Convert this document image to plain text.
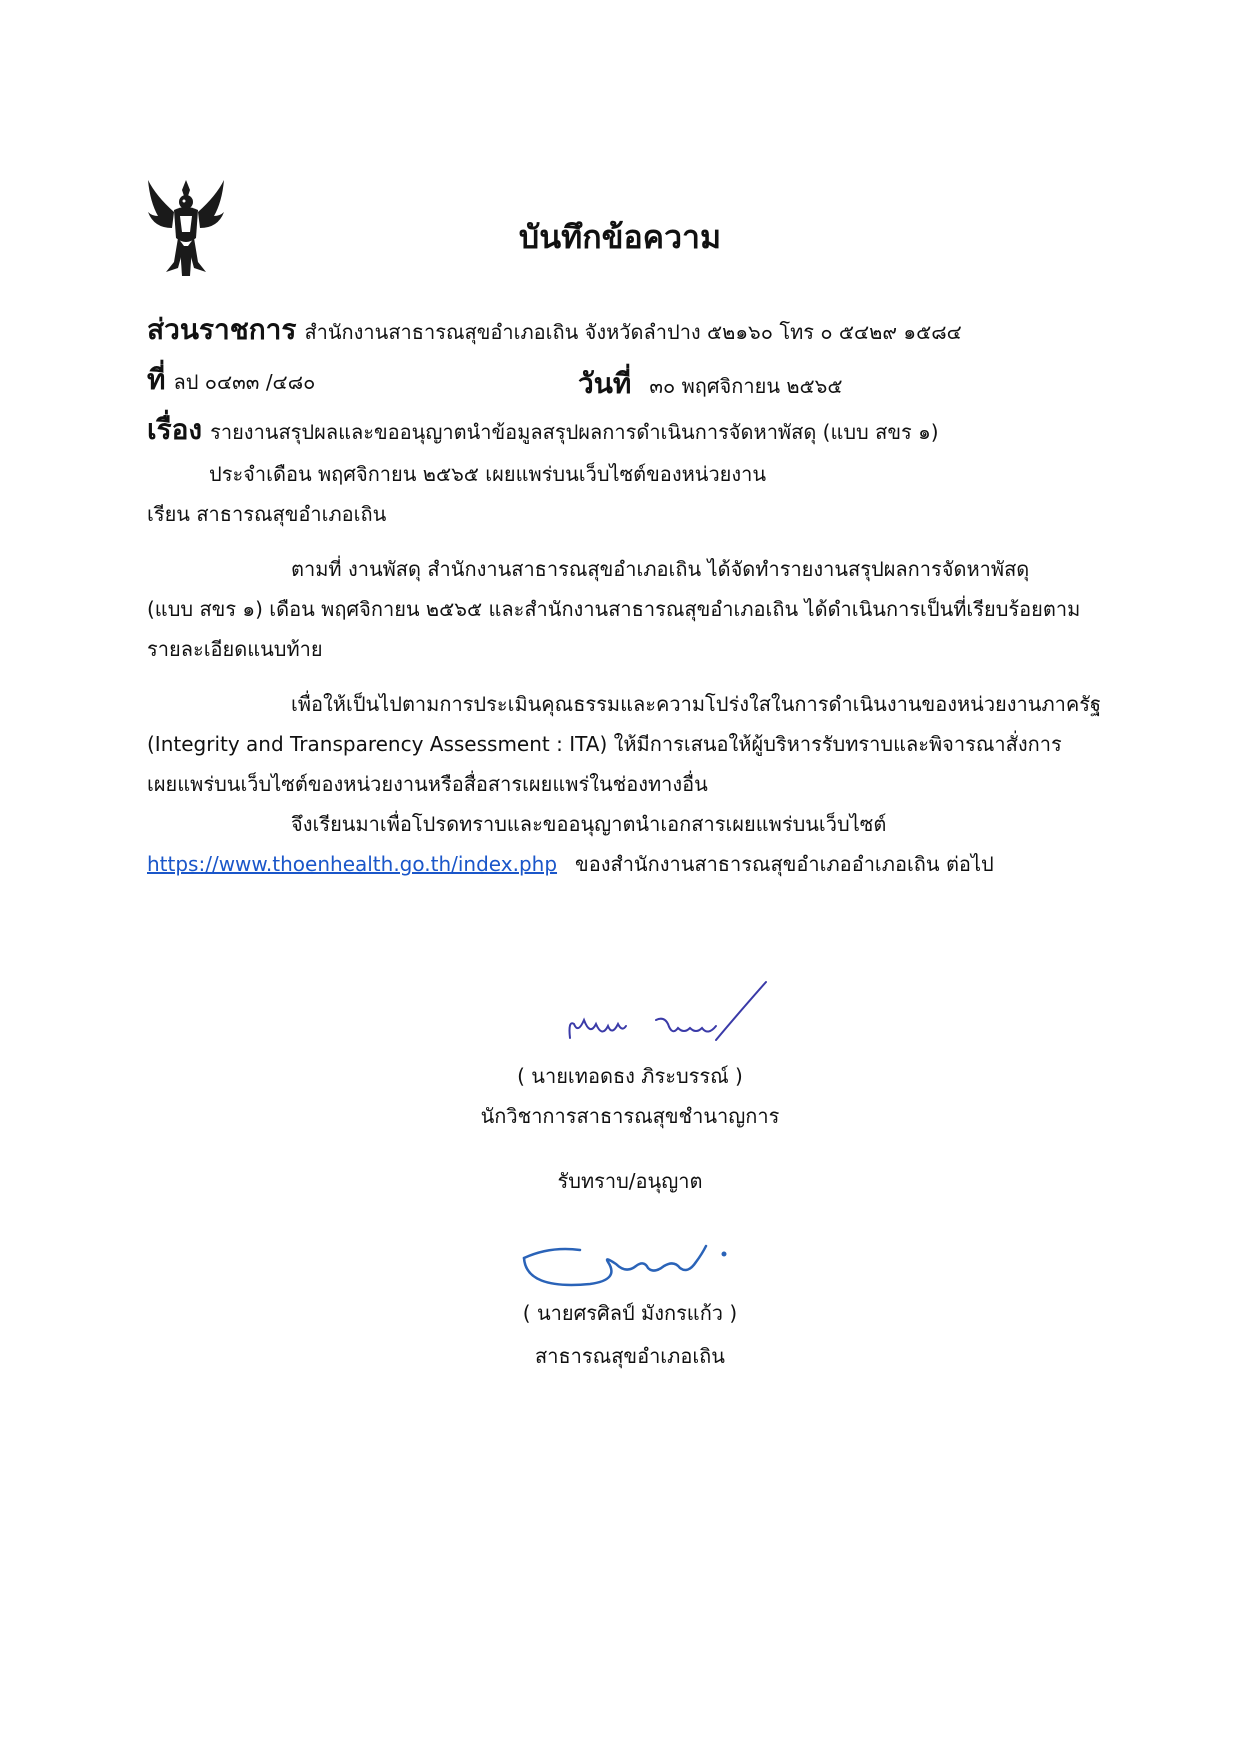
บันทึกข้อความ
ส่วนราชการ สำนักงานสาธารณสุขอำเภอเถิน จังหวัดลำปาง ๕๒๑๖๐ โทร ๐ ๕๔๒๙ ๑๕๘๔
ที่ ลป ๐๔๓๓ /๔๘๐	วันที่ ๓๐ พฤศจิกายน ๒๕๖๕
เรื่อง รายงานสรุปผลและขออนุญาตนำข้อมูลสรุปผลการดำเนินการจัดหาพัสดุ (แบบ สขร ๑)
ประจำเดือน พฤศจิกายน ๒๕๖๕ เผยแพร่บนเว็บไซต์ของหน่วยงาน
เรียน สาธารณสุขอำเภอเถิน
ตามที่ งานพัสดุ สำนักงานสาธารณสุขอำเภอเถิน ได้จัดทำรายงานสรุปผลการจัดหาพัสดุ
(แบบ สขร ๑) เดือน พฤศจิกายน ๒๕๖๕ และสำนักงานสาธารณสุขอำเภอเถิน ได้ดำเนินการเป็นที่เรียบร้อยตาม
รายละเอียดแนบท้าย
เพื่อให้เป็นไปตามการประเมินคุณธรรมและความโปร่งใสในการดำเนินงานของหน่วยงานภาครัฐ
(Integrity and Transparency Assessment : ITA) ให้มีการเสนอให้ผู้บริหารรับทราบและพิจารณาสั่งการ
เผยแพร่บนเว็บไซต์ของหน่วยงานหรือสื่อสารเผยแพร่ในช่องทางอื่น
จึงเรียนมาเพื่อโปรดทราบและขออนุญาตนำเอกสารเผยแพร่บนเว็บไซต์
https://www.thoenhealth.go.th/index.php ของสำนักงานสาธารณสุขอำเภออำเภอเถิน ต่อไป
( นายเทอดธง ภิระบรรณ์ )
นักวิชาการสาธารณสุขชำนาญการ
รับทราบ/อนุญาต
( นายศรศิลป์ มังกรแก้ว )
สาธารณสุขอำเภอเถิน
